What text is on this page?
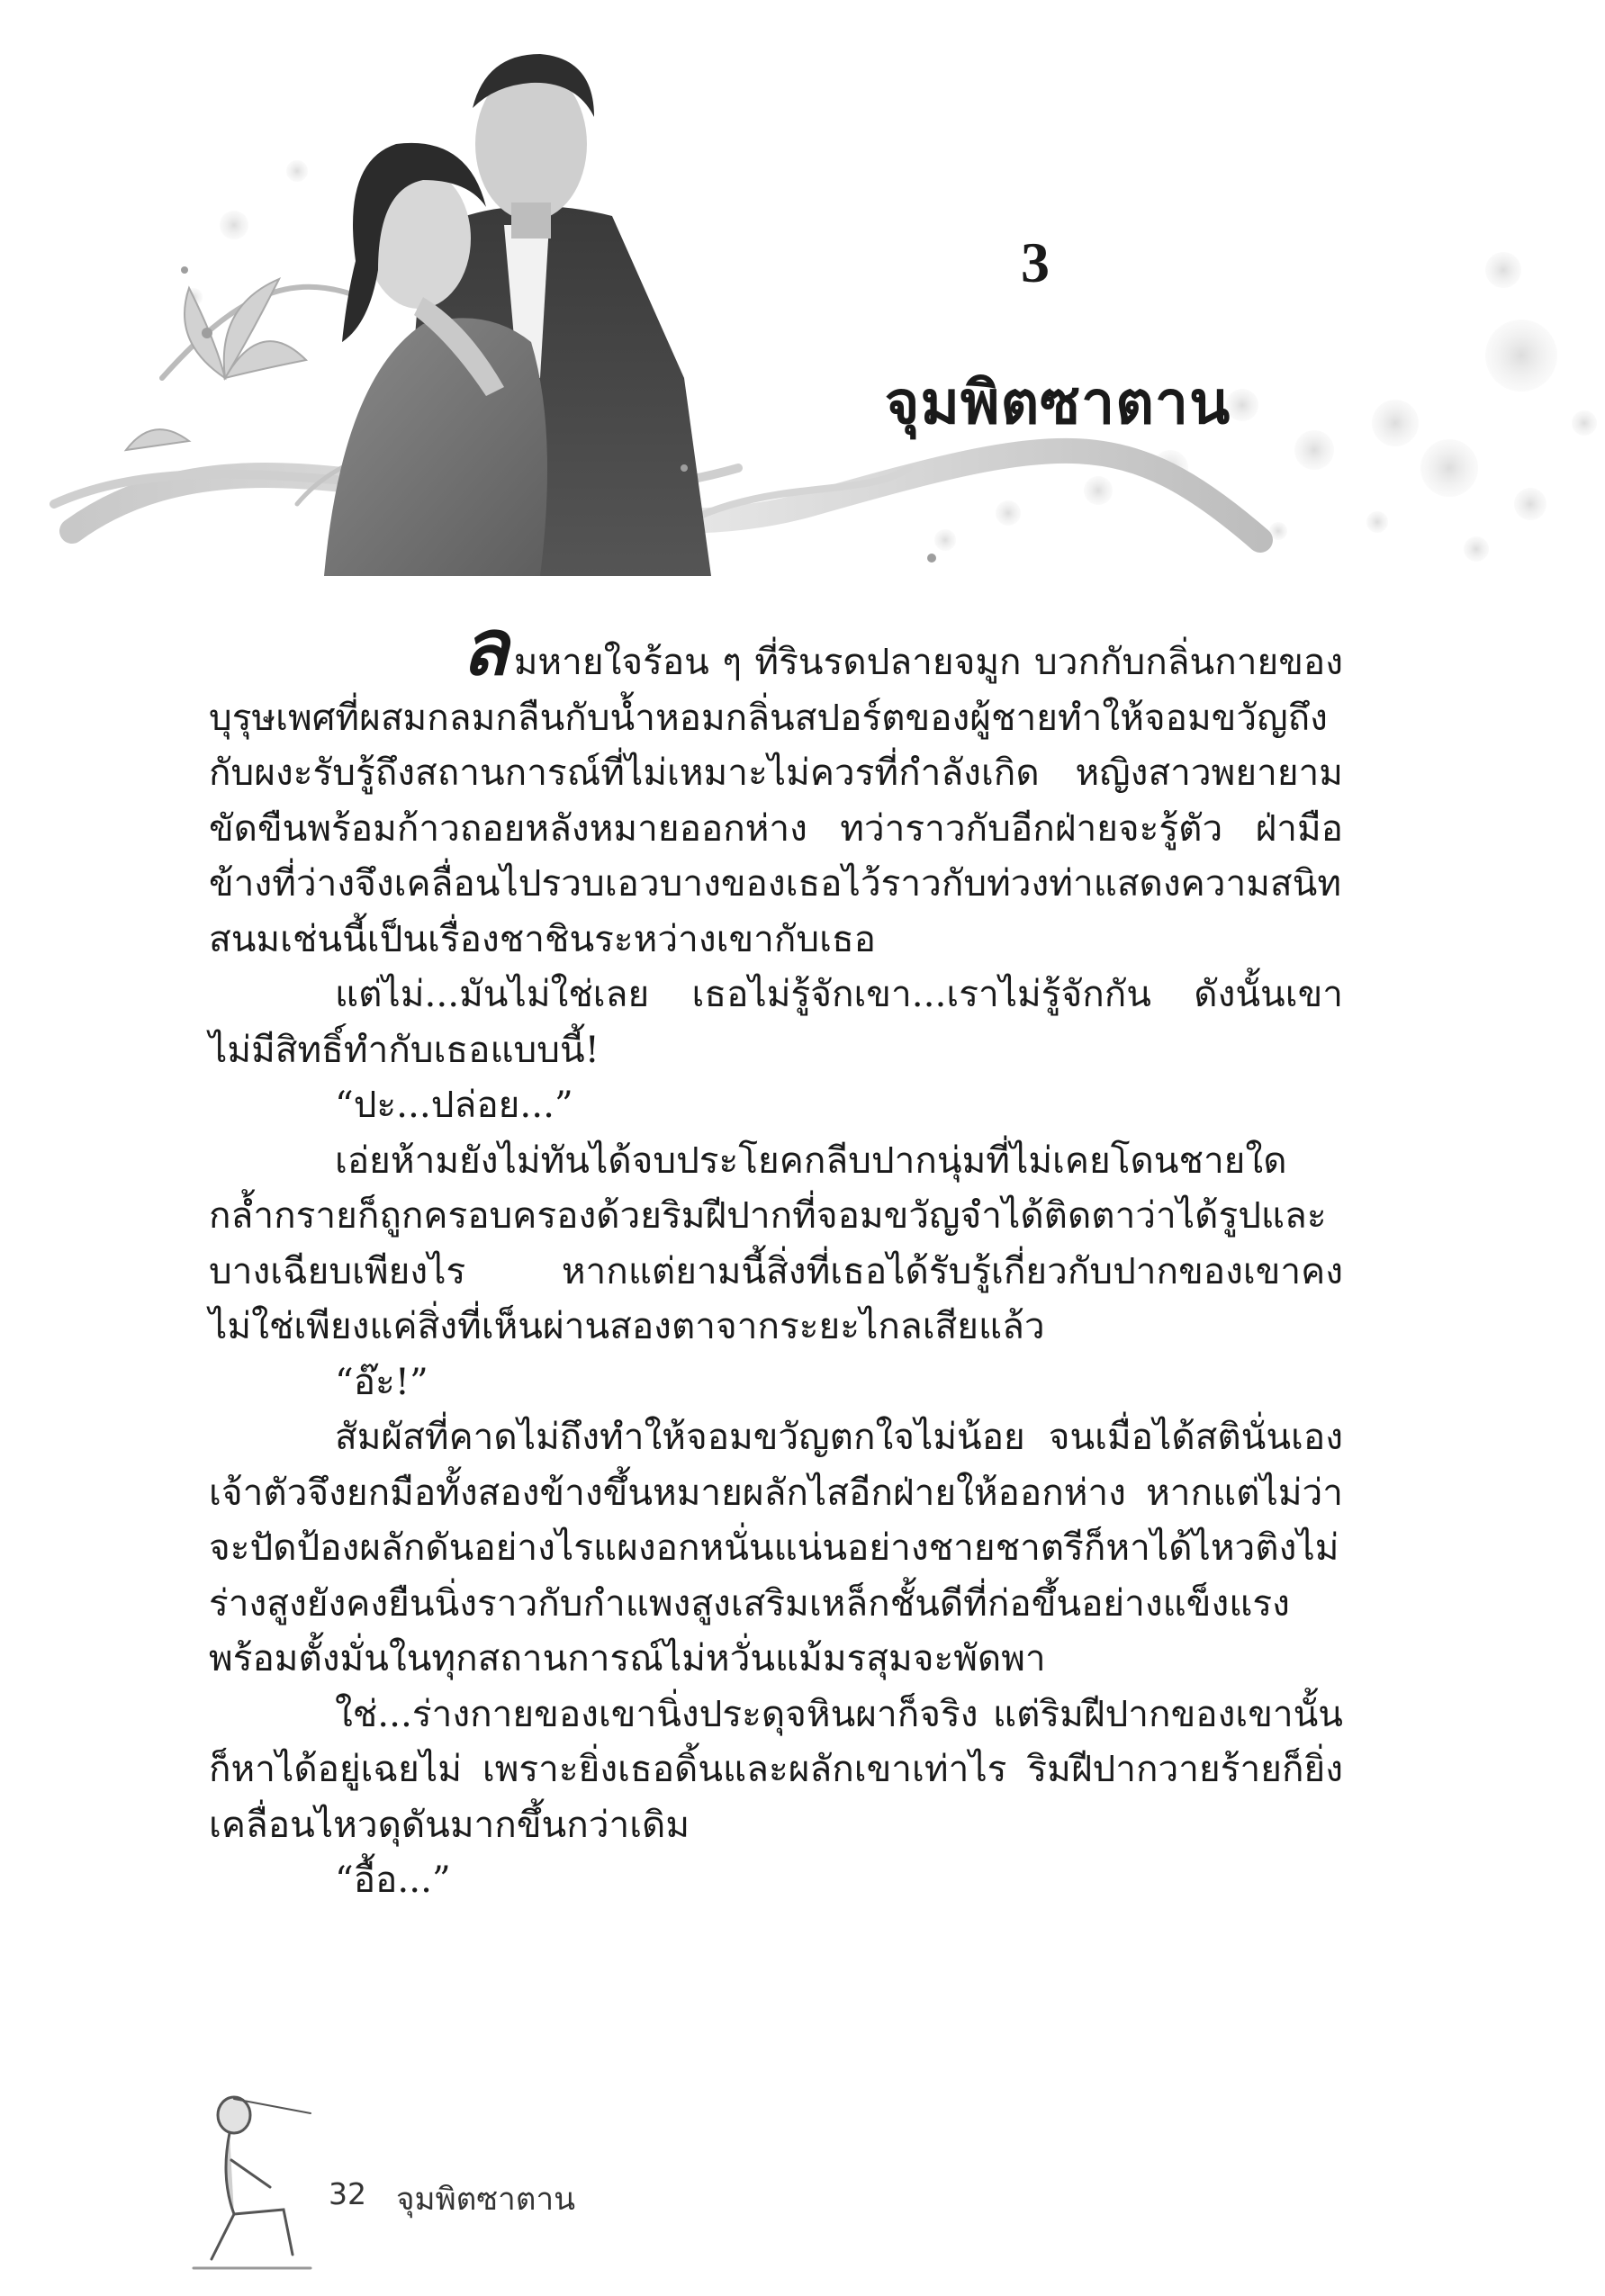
3
จุมพิตซาตาน

ลมหายใจร้อน ๆ ที่รินรดปลายจมูก บวกกับกลิ่นกายของบุรุษเพศที่ผสมกลมกลืนกับน้ำหอมกลิ่นสปอร์ตของผู้ชายทำให้จอมขวัญถึงกับผงะรับรู้ถึงสถานการณ์ที่ไม่เหมาะไม่ควรที่กำลังเกิด หญิงสาวพยายามขัดขืนพร้อมก้าวถอยหลังหมายออกห่าง ทว่าราวกับอีกฝ่ายจะรู้ตัว ฝ่ามือข้างที่ว่างจึงเคลื่อนไปรวบเอวบางของเธอไว้ราวกับท่วงท่าแสดงความสนิทสนมเช่นนี้เป็นเรื่องชาชินระหว่างเขากับเธอ

แต่ไม่...มันไม่ใช่เลย เธอไม่รู้จักเขา...เราไม่รู้จักกัน ดังนั้นเขาไม่มีสิทธิ์ทำกับเธอแบบนี้!

“ปะ...ปล่อย...”

เอ่ยห้ามยังไม่ทันได้จบประโยคกลีบปากนุ่มที่ไม่เคยโดนชายใดกล้ำกรายก็ถูกครอบครองด้วยริมฝีปากที่จอมขวัญจำได้ติดตาว่าได้รูปและบางเฉียบเพียงไร หากแต่ยามนี้สิ่งที่เธอได้รับรู้เกี่ยวกับปากของเขาคงไม่ใช่เพียงแค่สิ่งที่เห็นผ่านสองตาจากระยะไกลเสียแล้ว

“อ๊ะ!”

สัมผัสที่คาดไม่ถึงทำให้จอมขวัญตกใจไม่น้อย จนเมื่อได้สตินั่นเองเจ้าตัวจึงยกมือทั้งสองข้างขึ้นหมายผลักไสอีกฝ่ายให้ออกห่าง หากแต่ไม่ว่าจะปัดป้องผลักดันอย่างไรแผงอกหนั่นแน่นอย่างชายชาตรีก็หาได้ไหวติงไม่ร่างสูงยังคงยืนนิ่งราวกับกำแพงสูงเสริมเหล็กชั้นดีที่ก่อขึ้นอย่างแข็งแรงพร้อมตั้งมั่นในทุกสถานการณ์ไม่หวั่นแม้มรสุมจะพัดพา

ใช่...ร่างกายของเขานิ่งประดุจหินผาก็จริง แต่ริมฝีปากของเขานั้นก็หาได้อยู่เฉยไม่ เพราะยิ่งเธอดิ้นและผลักเขาเท่าไร ริมฝีปากวายร้ายก็ยิ่งเคลื่อนไหวดุดันมากขึ้นกว่าเดิม

“อื้อ...”

32 จุมพิตซาตาน
